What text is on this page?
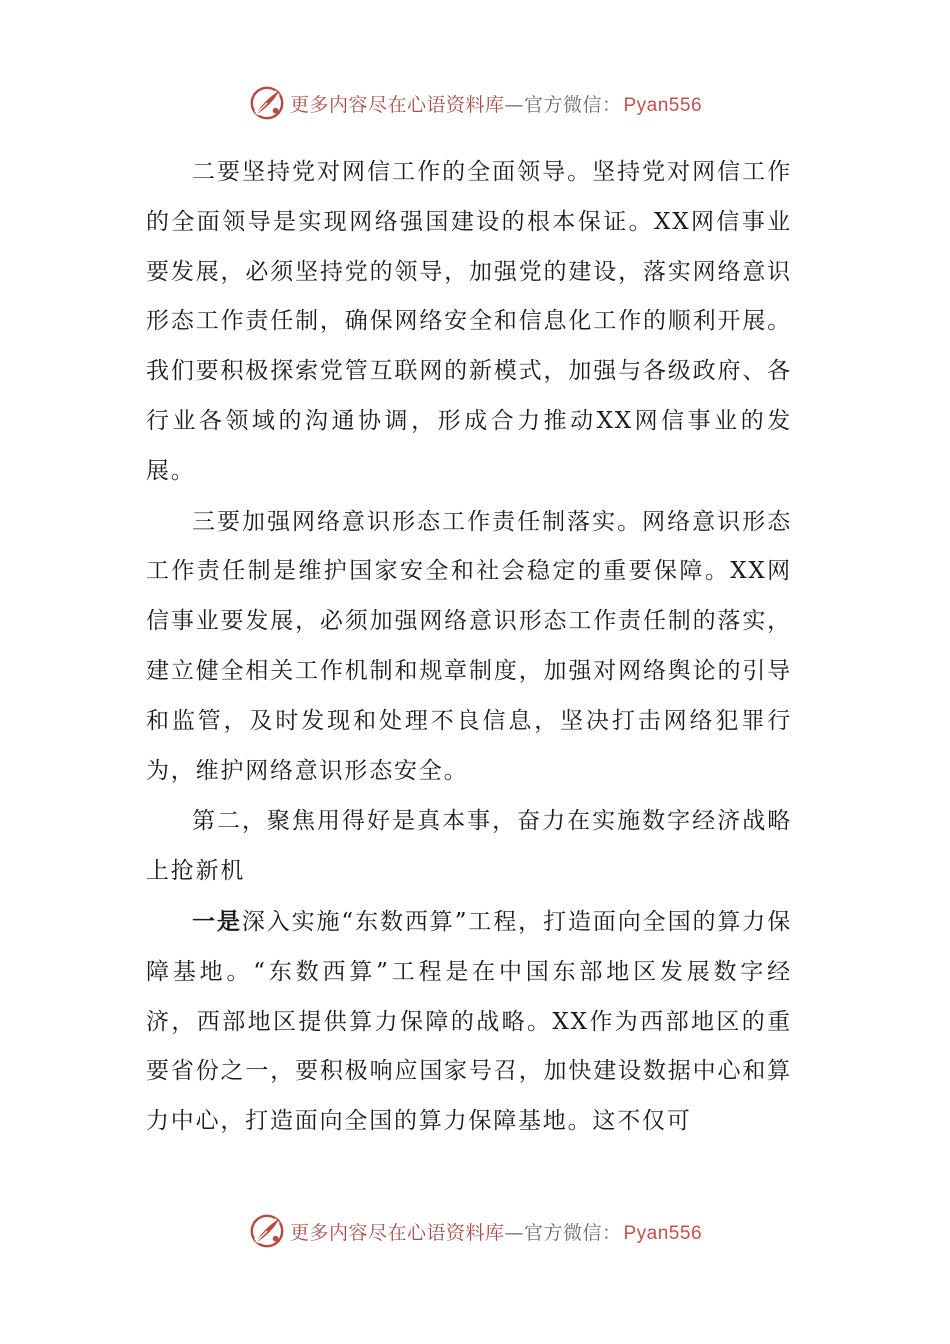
更多内容尽在心语资料库 — 官方微信： Pyan556

二要坚持党对网信工作的全面领导。坚持党对网信工作的全面领导是实现网络强国建设的根本保证。XX网信事业要发展，必须坚持党的领导，加强党的建设，落实网络意识形态工作责任制，确保网络安全和信息化工作的顺利开展。我们要积极探索党管互联网的新模式，加强与各级政府、各行业各领域的沟通协调，形成合力推动XX网信事业的发展。

三要加强网络意识形态工作责任制落实。网络意识形态工作责任制是维护国家安全和社会稳定的重要保障。XX网信事业要发展，必须加强网络意识形态工作责任制的落实，建立健全相关工作机制和规章制度，加强对网络舆论的引导和监管，及时发现和处理不良信息，坚决打击网络犯罪行为，维护网络意识形态安全。

第二，聚焦用得好是真本事，奋力在实施数字经济战略上抢新机

一是深入实施“东数西算”工程，打造面向全国的算力保障基地。“东数西算”工程是在中国东部地区发展数字经济，西部地区提供算力保障的战略。XX作为西部地区的重要省份之一，要积极响应国家号召，加快建设数据中心和算力中心，打造面向全国的算力保障基地。这不仅可

更多内容尽在心语资料库 — 官方微信： Pyan556
